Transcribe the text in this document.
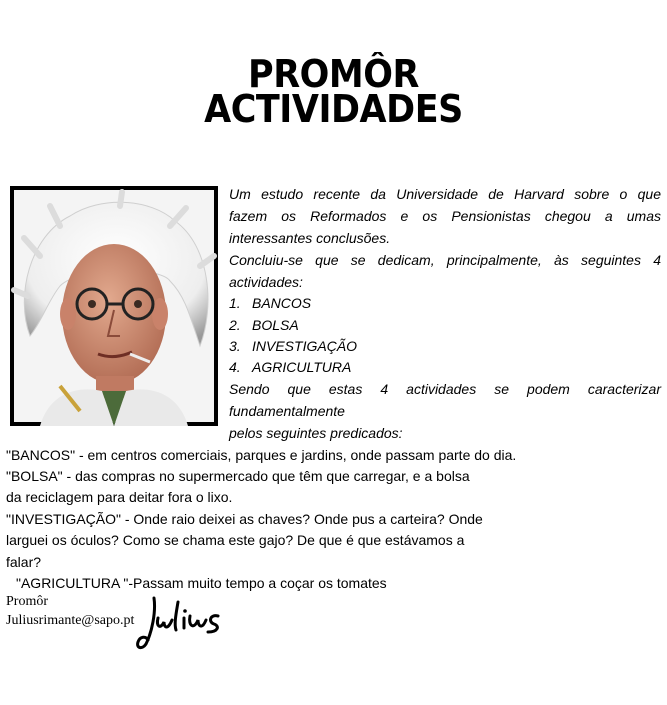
PROMÔR
ACTIVIDADES
Um estudo recente da Universidade de Harvard sobre o que
fazem os Reformados e os Pensionistas chegou a umas
interessantes conclusões.
Concluiu-se que se dedicam, principalmente, às seguintes 4
actividades:
1. BANCOS
2. BOLSA
3. INVESTIGAÇÃO
4. AGRICULTURA
Sendo que estas 4 actividades se podem caracterizar
fundamentalmente
pelos seguintes predicados:
"BANCOS" - em centros comerciais, parques e jardins, onde passam parte do dia.
"BOLSA" - das compras no supermercado que têm que carregar, e a bolsa
da reciclagem para deitar fora o lixo.
"INVESTIGAÇÃO" - Onde raio deixei as chaves? Onde pus a carteira? Onde
larguei os óculos? Como se chama este gajo? De que é que estávamos a
falar?
"AGRICULTURA "-Passam muito tempo a coçar os tomates
Promôr
Juliusrimante@sapo.pt
